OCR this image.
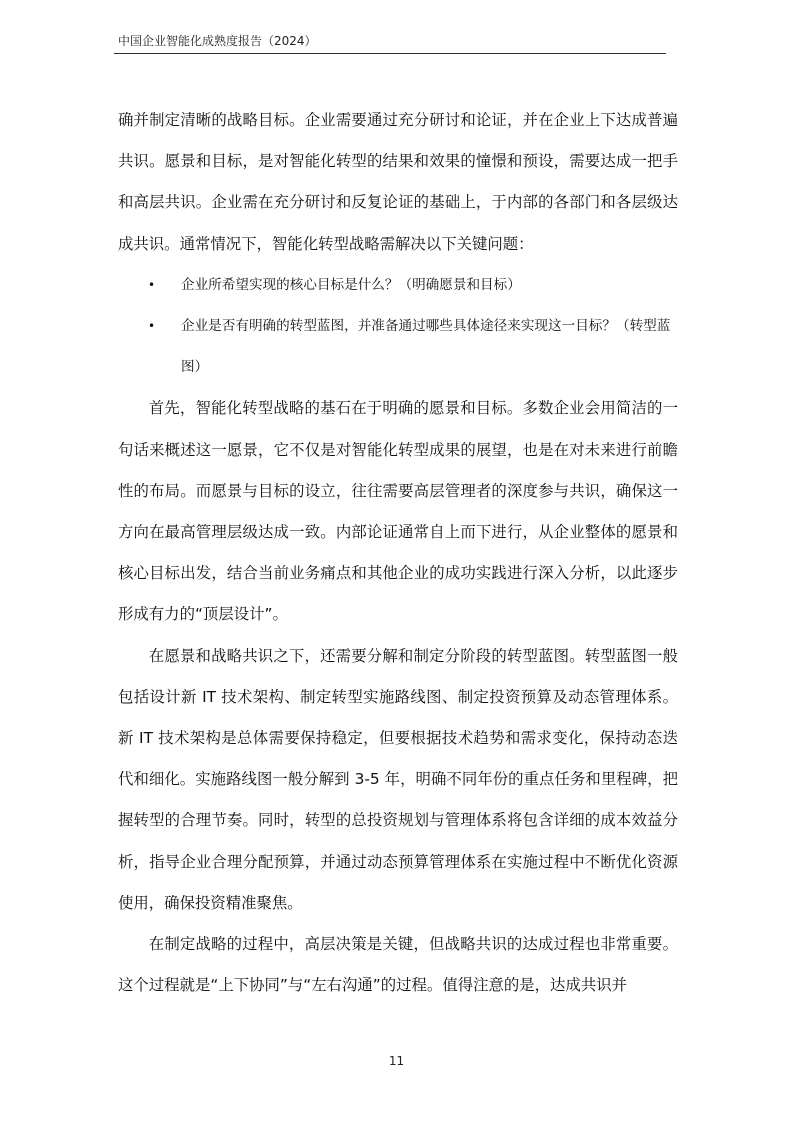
中国企业智能化成熟度报告（2024）

确并制定清晰的战略目标。企业需要通过充分研讨和论证，并在企业上下达成普遍共识。愿景和目标，是对智能化转型的结果和效果的憧憬和预设，需要达成一把手和高层共识。企业需在充分研讨和反复论证的基础上，于内部的各部门和各层级达成共识。通常情况下，智能化转型战略需解决以下关键问题：

• 企业所希望实现的核心目标是什么？（明确愿景和目标）
• 企业是否有明确的转型蓝图，并准备通过哪些具体途径来实现这一目标？（转型蓝图）

首先，智能化转型战略的基石在于明确的愿景和目标。多数企业会用简洁的一句话来概述这一愿景，它不仅是对智能化转型成果的展望，也是在对未来进行前瞻性的布局。而愿景与目标的设立，往往需要高层管理者的深度参与共识，确保这一方向在最高管理层级达成一致。内部论证通常自上而下进行，从企业整体的愿景和核心目标出发，结合当前业务痛点和其他企业的成功实践进行深入分析，以此逐步形成有力的“顶层设计”。

在愿景和战略共识之下，还需要分解和制定分阶段的转型蓝图。转型蓝图一般包括设计新 IT 技术架构、制定转型实施路线图、制定投资预算及动态管理体系。新 IT 技术架构是总体需要保持稳定，但要根据技术趋势和需求变化，保持动态迭代和细化。实施路线图一般分解到 3-5 年，明确不同年份的重点任务和里程碑，把握转型的合理节奏。同时，转型的总投资规划与管理体系将包含详细的成本效益分析，指导企业合理分配预算，并通过动态预算管理体系在实施过程中不断优化资源使用，确保投资精准聚焦。

在制定战略的过程中，高层决策是关键，但战略共识的达成过程也非常重要。这个过程就是“上下协同”与“左右沟通”的过程。值得注意的是，达成共识并

11
